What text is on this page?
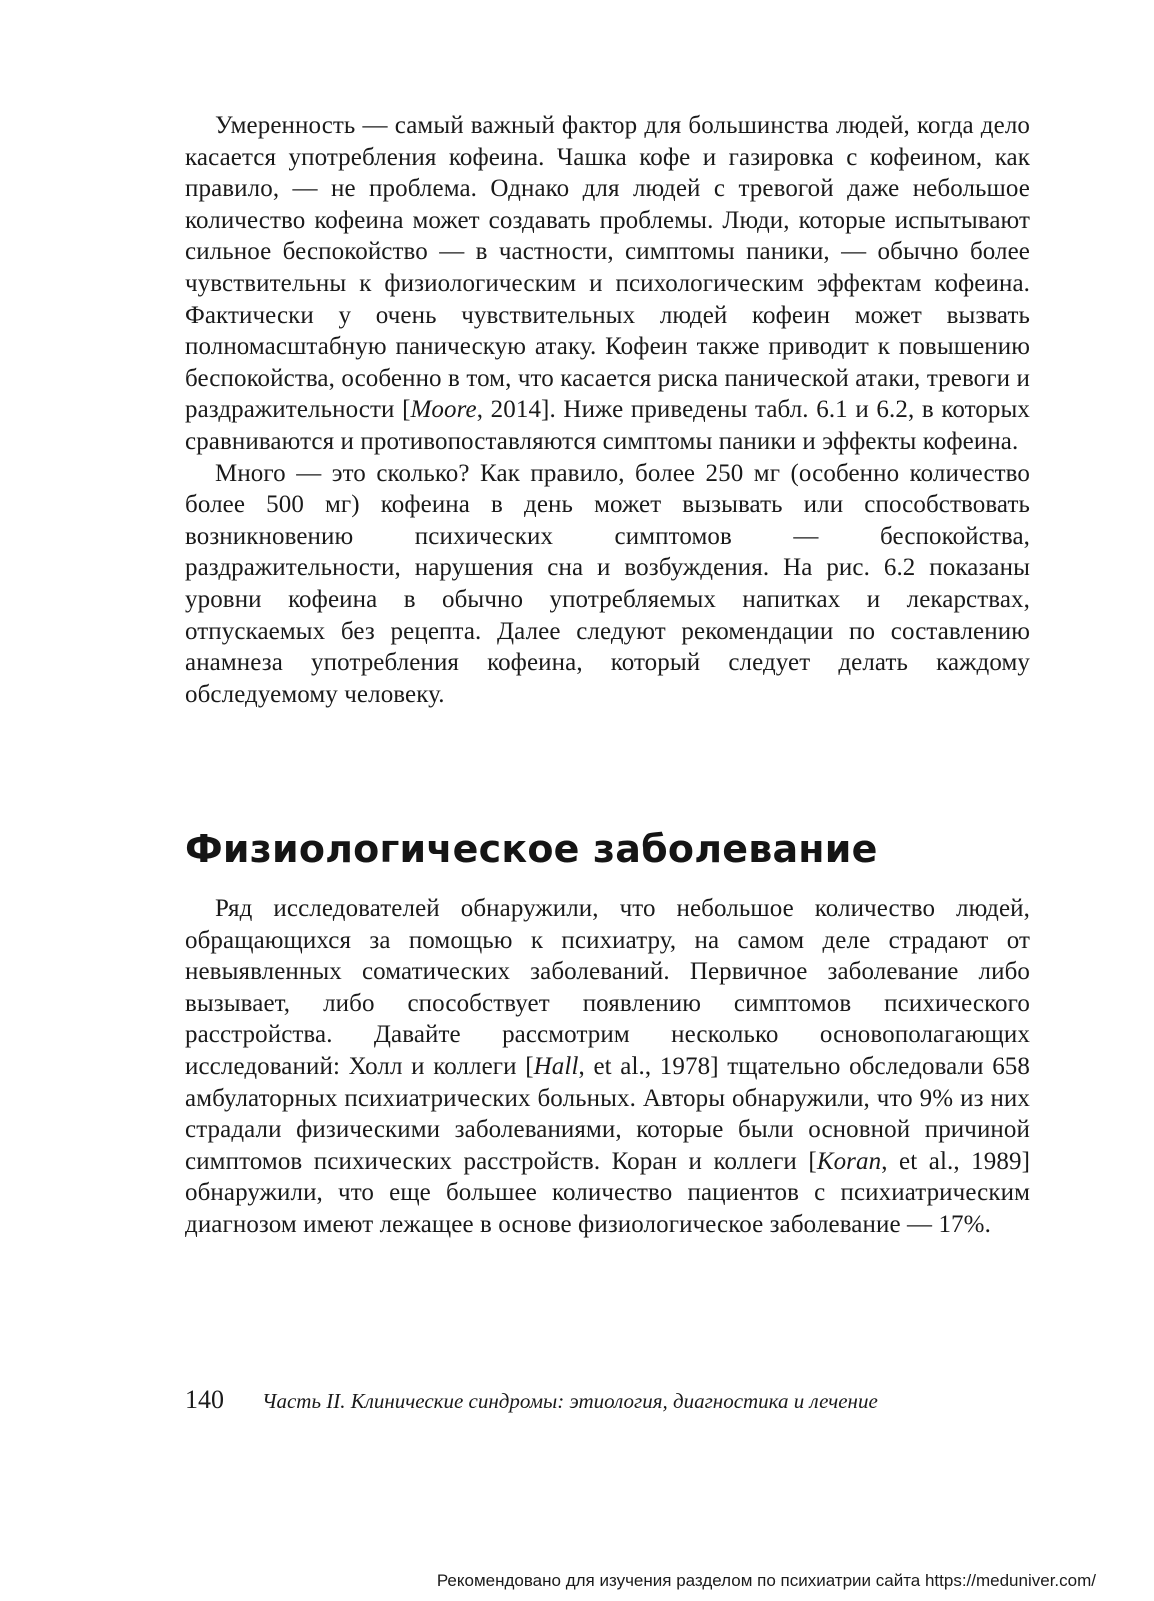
Умеренность — самый важный фактор для большинства людей, когда дело касается употребления кофеина. Чашка кофе и газировка с кофеином, как правило, — не проблема. Однако для людей с тревогой даже небольшое количество кофеина может создавать проблемы. Люди, которые испытывают сильное беспокойство — в частности, симптомы паники, — обычно более чувствительны к физиологическим и психологическим эффектам кофеина. Фактически у очень чувствительных людей кофеин может вызвать полномасштабную паническую атаку. Кофеин также приводит к повышению беспокойства, особенно в том, что касается риска панической атаки, тревоги и раздражительности [Moore, 2014]. Ниже приведены табл. 6.1 и 6.2, в которых сравниваются и противопоставляются симптомы паники и эффекты кофеина.

Много — это сколько? Как правило, более 250 мг (особенно количество более 500 мг) кофеина в день может вызывать или способствовать возникновению психических симптомов — беспокойства, раздражительности, нарушения сна и возбуждения. На рис. 6.2 показаны уровни кофеина в обычно употребляемых напитках и лекарствах, отпускаемых без рецепта. Далее следуют рекомендации по составлению анамнеза употребления кофеина, который следует делать каждому обследуемому человеку.

Физиологическое заболевание

Ряд исследователей обнаружили, что небольшое количество людей, обращающихся за помощью к психиатру, на самом деле страдают от невыявленных соматических заболеваний. Первичное заболевание либо вызывает, либо способствует появлению симптомов психического расстройства. Давайте рассмотрим несколько основополагающих исследований: Холл и коллеги [Hall, et al., 1978] тщательно обследовали 658 амбулаторных психиатрических больных. Авторы обнаружили, что 9% из них страдали физическими заболеваниями, которые были основной причиной симптомов психических расстройств. Коран и коллеги [Koran, et al., 1989] обнаружили, что еще большее количество пациентов с психиатрическим диагнозом имеют лежащее в основе физиологическое заболевание — 17%.

140 Часть II. Клинические синдромы: этиология, диагностика и лечение
Рекомендовано для изучения разделом по психиатрии сайта https://meduniver.com/
